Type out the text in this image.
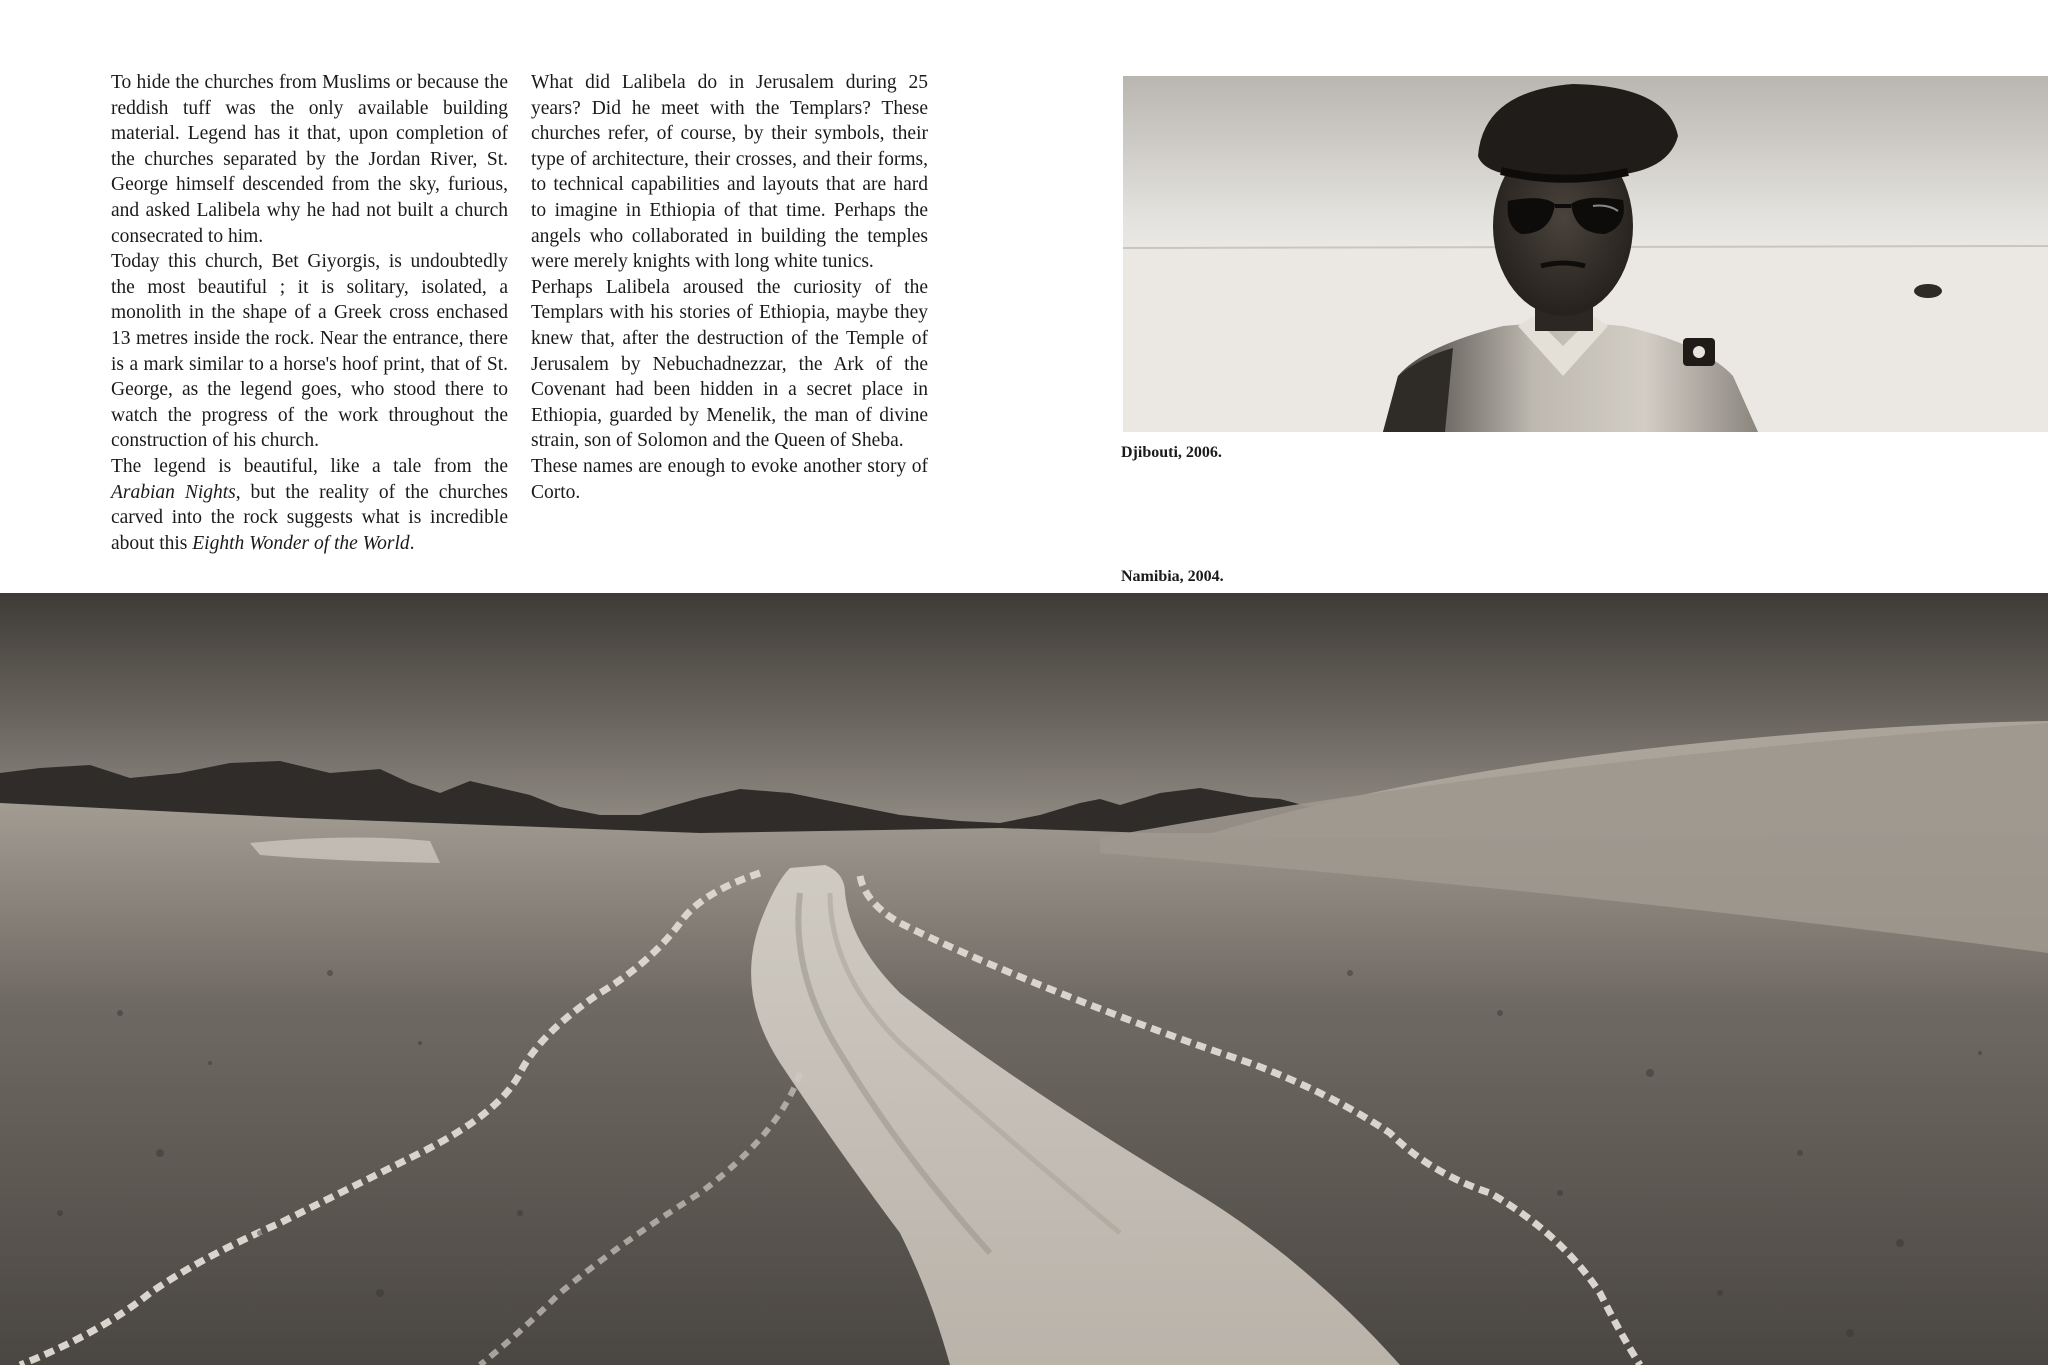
To hide the churches from Muslims or because the reddish tuff was the only available building material. Legend has it that, upon completion of the churches separated by the Jordan River, St. George himself descended from the sky, furious, and asked Lalibela why he had not built a church consecrated to him.

Today this church, Bet Giyorgis, is undoubtedly the most beautiful ; it is solitary, isolated, a monolith in the shape of a Greek cross enchased 13 metres inside the rock. Near the entrance, there is a mark similar to a horse's hoof print, that of St. George, as the legend goes, who stood there to watch the progress of the work throughout the construction of his church.

The legend is beautiful, like a tale from the Arabian Nights, but the reality of the churches carved into the rock suggests what is incredible about this Eighth Wonder of the World.

What did Lalibela do in Jerusalem during 25 years? Did he meet with the Templars? These churches refer, of course, by their symbols, their type of architecture, their crosses, and their forms, to technical capabilities and layouts that are hard to imagine in Ethiopia of that time. Perhaps the angels who collaborated in building the temples were merely knights with long white tunics.

Perhaps Lalibela aroused the curiosity of the Templars with his stories of Ethiopia, maybe they knew that, after the destruction of the Temple of Jerusalem by Nebuchadnezzar, the Ark of the Covenant had been hidden in a secret place in Ethiopia, guarded by Menelik, the man of divine strain, son of Solomon and the Queen of Sheba.

These names are enough to evoke another story of Corto.

Djibouti, 2006.
Namibia, 2004.
